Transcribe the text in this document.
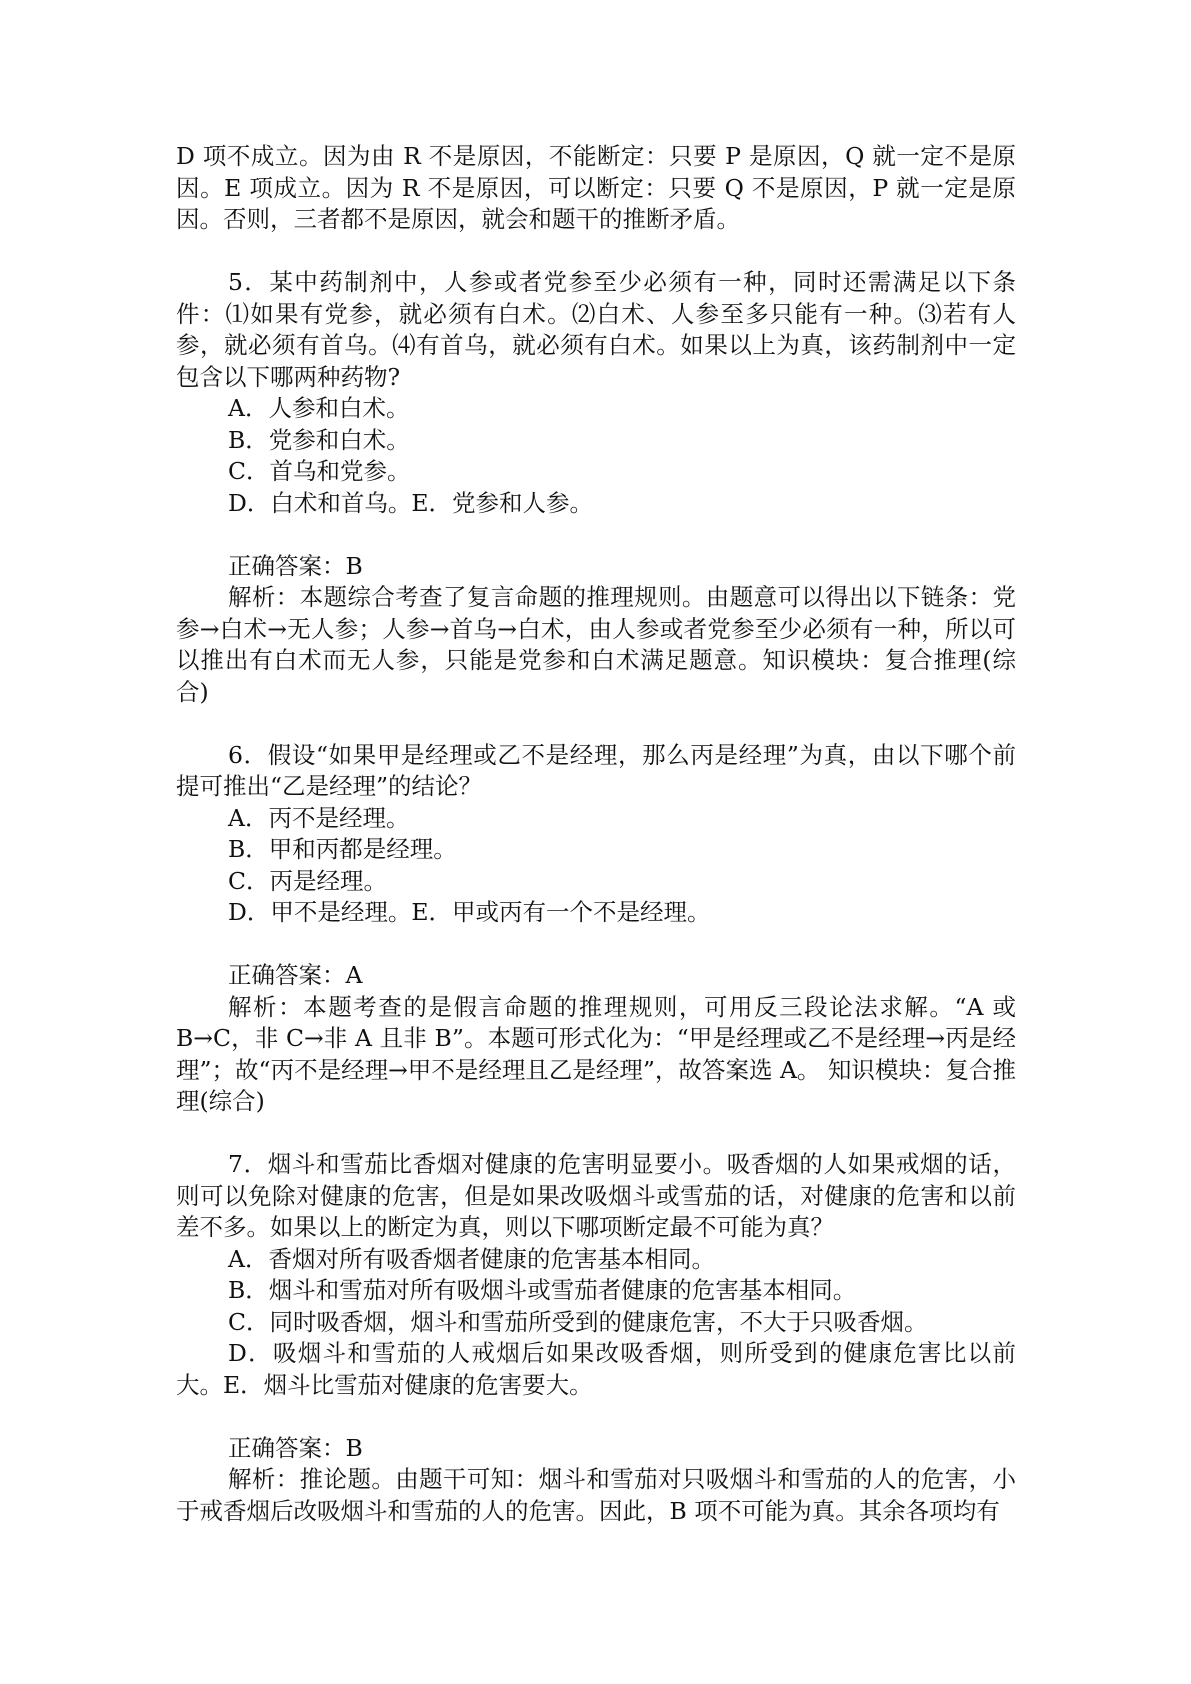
D 项不成立。因为由 R 不是原因，不能断定：只要 P 是原因，Q 就一定不是原因。E 项成立。因为 R 不是原因，可以断定：只要 Q 不是原因，P 就一定是原因。否则，三者都不是原因，就会和题干的推断矛盾。

5．某中药制剂中，人参或者党参至少必须有一种，同时还需满足以下条件：⑴如果有党参，就必须有白术。⑵白术、人参至多只能有一种。⑶若有人参，就必须有首乌。⑷有首乌，就必须有白术。如果以上为真，该药制剂中一定包含以下哪两种药物?

A．人参和白术。

B．党参和白术。

C．首乌和党参。

D．白术和首乌。E．党参和人参。

正确答案：B

解析：本题综合考查了复言命题的推理规则。由题意可以得出以下链条：党参→白术→无人参；人参→首乌→白术，由人参或者党参至少必须有一种，所以可以推出有白术而无人参，只能是党参和白术满足题意。知识模块：复合推理(综合)

6．假设“如果甲是经理或乙不是经理，那么丙是经理”为真，由以下哪个前提可推出“乙是经理”的结论？

A．丙不是经理。

B．甲和丙都是经理。

C．丙是经理。

D．甲不是经理。E．甲或丙有一个不是经理。

正确答案：A

解析：本题考查的是假言命题的推理规则，可用反三段论法求解。“A 或 B→C，非 C→非 A 且非 B”。本题可形式化为：“甲是经理或乙不是经理→丙是经理”；故“丙不是经理→甲不是经理且乙是经理”，故答案选 A。 知识模块：复合推理(综合)

7．烟斗和雪茄比香烟对健康的危害明显要小。吸香烟的人如果戒烟的话，则可以免除对健康的危害，但是如果改吸烟斗或雪茄的话，对健康的危害和以前差不多。如果以上的断定为真，则以下哪项断定最不可能为真？

A．香烟对所有吸香烟者健康的危害基本相同。

B．烟斗和雪茄对所有吸烟斗或雪茄者健康的危害基本相同。

C．同时吸香烟，烟斗和雪茄所受到的健康危害，不大于只吸香烟。

D．吸烟斗和雪茄的人戒烟后如果改吸香烟，则所受到的健康危害比以前大。E．烟斗比雪茄对健康的危害要大。

正确答案：B

解析：推论题。由题干可知：烟斗和雪茄对只吸烟斗和雪茄的人的危害，小于戒香烟后改吸烟斗和雪茄的人的危害。因此，B 项不可能为真。其余各项均有
